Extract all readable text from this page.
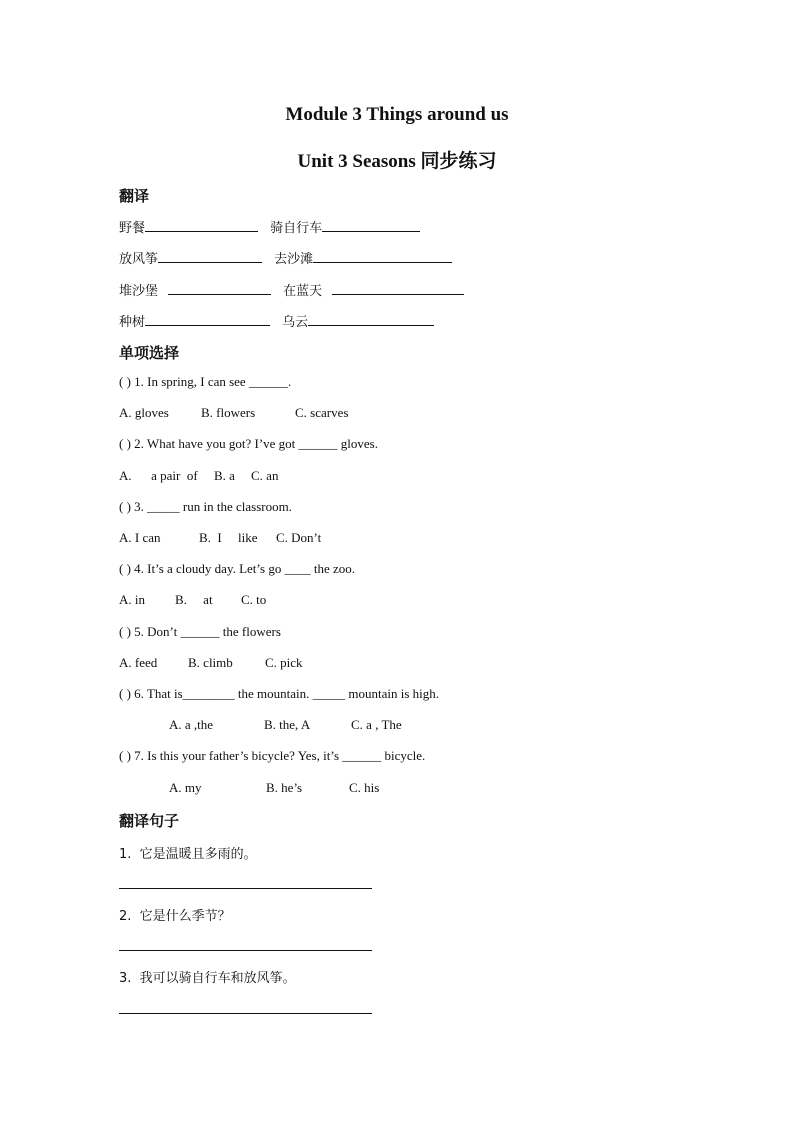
Module 3 Things around us
Unit 3 Seasons 同步练习
翻译
野餐	骑自行车
放风筝	去沙滩
堆沙堡	在蓝天
种树	乌云
单项选择
( ) 1. In spring, I can see ______.
A. gloves B. flowers	C. scarves
( ) 2. What have you got? I’ve got ______ gloves.
A.      a pair  of B. a C. an
( ) 3. _____ run in the classroom.
A. I can	B.  I     like C. Don’t
( ) 4. It’s a cloudy day. Let’s go ____ the zoo.
A. in B.     at C. to
( ) 5. Don’t ______ the flowers
A. feed B. climb C. pick
( ) 6. That is________ the mountain. _____ mountain is high.
A. a ,the	B. the, A	C. a , The
( ) 7. Is this your father’s bicycle? Yes, it’s ______ bicycle.
A. my	B. he’s	C. his
翻译句子
1.  它是温暖且多雨的。
2.  它是什么季节？
3.  我可以骑自行车和放风筝。
